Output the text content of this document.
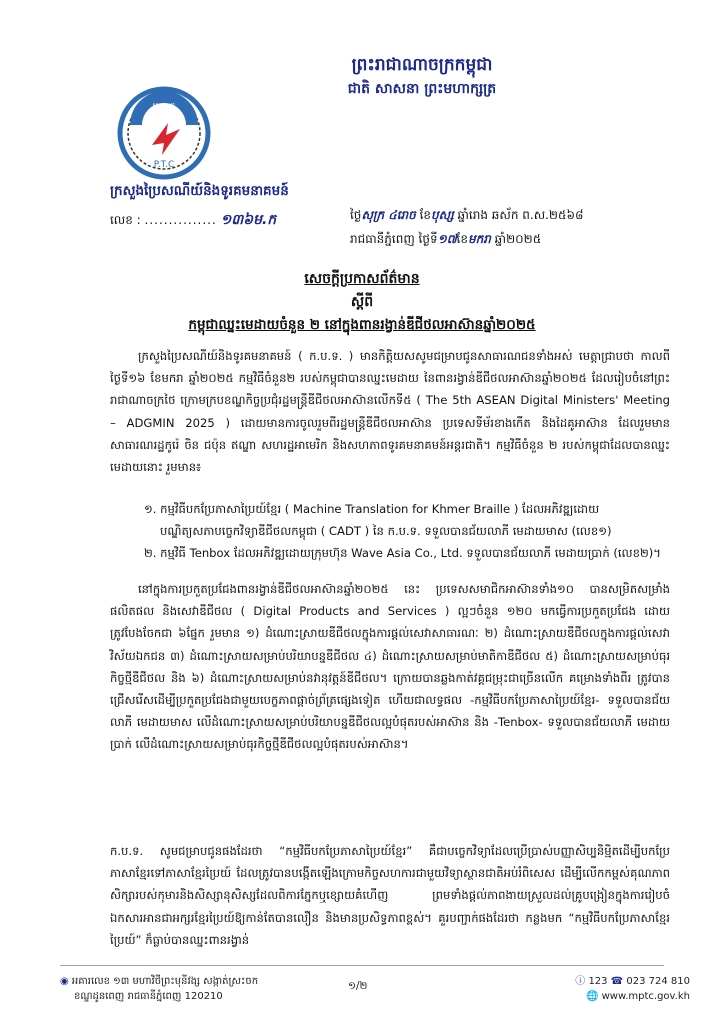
ព្រះរាជាណាចក្រកម្ពុជា
ជាតិ សាសនា ព្រះមហាក្សត្រ
ប.ទ.ក
P.T.C
ក្រសួងប្រៃសណីយ៍និងទូរគមនាគមន៍
លេខ : ............... ១៣៦ម.ក	ថ្ងៃសុក្រ ៤រោច ខែបុស្ស ឆ្នាំរោង ឆស័ក ព.ស.២៥៦៨
រាជធានីភ្នំពេញ ថ្ងៃទី១៧ខែមករា ឆ្នាំ២០២៥
សេចក្តីប្រកាសព័ត៌មាន
ស្តីពី
កម្ពុជាឈ្នះមេដាយចំនួន ២ នៅក្នុងពានរង្វាន់ឌីជីថលអាស៊ានឆ្នាំ២០២៥
ក្រសួងប្រៃសណីយ៍និងទូរគមនាគមន៍ ( ក.ប.ទ. ) មានកិត្តិយសសូមជម្រាបជូនសាធារណជនទាំងអស់ មេត្តាជ្រាបថា កាលពីថ្ងៃទី១៦ ខែមករា ឆ្នាំ២០២៥ កម្មវិធីចំនួន២ របស់កម្ពុជាបានឈ្នះមេដាយ នៃពានរង្វាន់ឌីជីថលអាស៊ានឆ្នាំ២០២៥ ដែលរៀបចំនៅព្រះរាជាណាចក្រថៃ ក្រោមក្របខណ្ឌកិច្ចប្រជុំរដ្ឋមន្ត្រីឌីជីថលអាស៊ានលើកទី៥ ( The 5th ASEAN Digital Ministers' Meeting – ADGMIN 2025 ) ដោយមានការចូលរួមពីរដ្ឋមន្ត្រីឌីជីថលអាស៊ាន ប្រទេសទីម័រខាងកើត និងដៃគូអាស៊ាន ដែលរួមមានសាធារណរដ្ឋកូរ៉េ ចិន ជប៉ុន ឥណ្ឌា សហរដ្ឋអាមេរិក និងសហភាពទូរគមនាគមន៍អន្តរជាតិ។ កម្មវិធីចំនួន ២ របស់កម្ពុជាដែលបានឈ្នះមេដាយនោះ រួមមាន៖
១. កម្មវិធីបកប្រែភាសាប្រៃយ៍ខ្មែរ ( Machine Translation for Khmer Braille ) ដែលអភិវឌ្ឍដោយបណ្ឌិត្យសភាបច្ចេកវិទ្យាឌីជីថលកម្ពុជា ( CADT ) នៃ ក.ប.ទ. ទទួលបានជ័យលាភី មេដាយមាស (លេខ១)
២. កម្មវិធី Tenbox ដែលអភិវឌ្ឍដោយក្រុមហ៊ុន Wave Asia Co., Ltd. ទទួលបានជ័យលាភី មេដាយប្រាក់ (លេខ២)។
នៅក្នុងការប្រកួតប្រជែងពានរង្វាន់ឌីជីថលអាស៊ានឆ្នាំ២០២៥ នេះ ប្រទេសសមាជិកអាស៊ានទាំង១០ បានសម្រិតសម្រាំងផលិតផល និងសេវាឌីជីថល ( Digital Products and Services ) ល្អៗចំនួន ១២០ មកធ្វើការប្រកួតប្រជែង ដោយត្រូវបែងចែកជា ៦ផ្នែក រួមមាន ១) ដំណោះស្រាយឌីជីថលក្នុងការផ្តល់សេវាសាធារណៈ ២) ដំណោះស្រាយឌីជីថលក្នុងការផ្តល់សេវាវិស័យឯកជន ៣) ដំណោះស្រាយសម្រាប់បរិយាបន្នឌីជីថល ៤) ដំណោះស្រាយសម្រាប់មាតិកាឌីជីថល ៥) ដំណោះស្រាយសម្រាប់ធុរកិច្ចថ្មីឌីជីថល និង ៦) ដំណោះស្រាយសម្រាប់នវានុវត្តន៍ឌីជីថល។ ក្រោយបានឆ្លងកាត់វគ្គជម្រុះជាច្រើនលើក គម្រោងទាំងពីរ ត្រូវបានជ្រើសរើសដើម្បីប្រកួតប្រជែងជាមួយបេក្ខភាពផ្តាច់ព្រ័ត្រផ្សេងទៀត ហើយជាលទ្ធផល -កម្មវិធីបកប្រែភាសាប្រៃយ៍ខ្មែរ- ទទួលបានជ័យលាភី មេដាយមាស លើដំណោះស្រាយសម្រាប់បរិយាបន្នឌីជីថលល្អបំផុតរបស់អាស៊ាន និង -Tenbox- ទទួលបានជ័យលាភី មេដាយប្រាក់ លើដំណោះស្រាយសម្រាប់ធុរកិច្ចថ្មីឌីជីថលល្អបំផុតរបស់អាស៊ាន។
ក.ប.ទ. សូមជម្រាបជូនផងដែរថា “កម្មវិធីបកប្រែភាសាប្រៃយ៍ខ្មែរ” គឺជាបច្ចេកវិទ្យាដែលប្រើប្រាស់បញ្ញាសិប្បនិម្មិតដើម្បីបកប្រែភាសាខ្មែរទៅភាសាខ្មែរប្រៃយ៍ ដែលត្រូវបានបង្កើតឡើងក្រោមកិច្ចសហការជាមួយវិទ្យាស្ថានជាតិអប់រំពិសេស ដើម្បីលើកកម្ពស់គុណភាពសិក្សារបស់កុមារនិងសិស្សានុសិស្សដែលពិការភ្នែកឬខ្សោយគំហើញ ព្រមទាំងផ្តល់ភាពងាយស្រួលដល់គ្រូបង្រៀនក្នុងការរៀបចំឯកសារអានជាអក្សរខ្មែរប្រៃយ៍ឱ្យកាន់តែបានលឿន និងមានប្រសិទ្ធភាពខ្ពស់។ គួរបញ្ជាក់ផងដែរថា កន្លងមក “កម្មវិធីបកប្រែភាសាខ្មែរប្រៃយ៍” ក៏ធ្លាប់បានឈ្នះពានរង្វាន់
◉ អគារលេខ ១៣ មហាវិថីព្រះមុនីវង្ស សង្កាត់ស្រះចក
ខណ្ឌដូនពេញ រាជធានីភ្នំពេញ 120210
១/២	ⓘ 123 ☎ 023 724 810
🌐 www.mptc.gov.kh
